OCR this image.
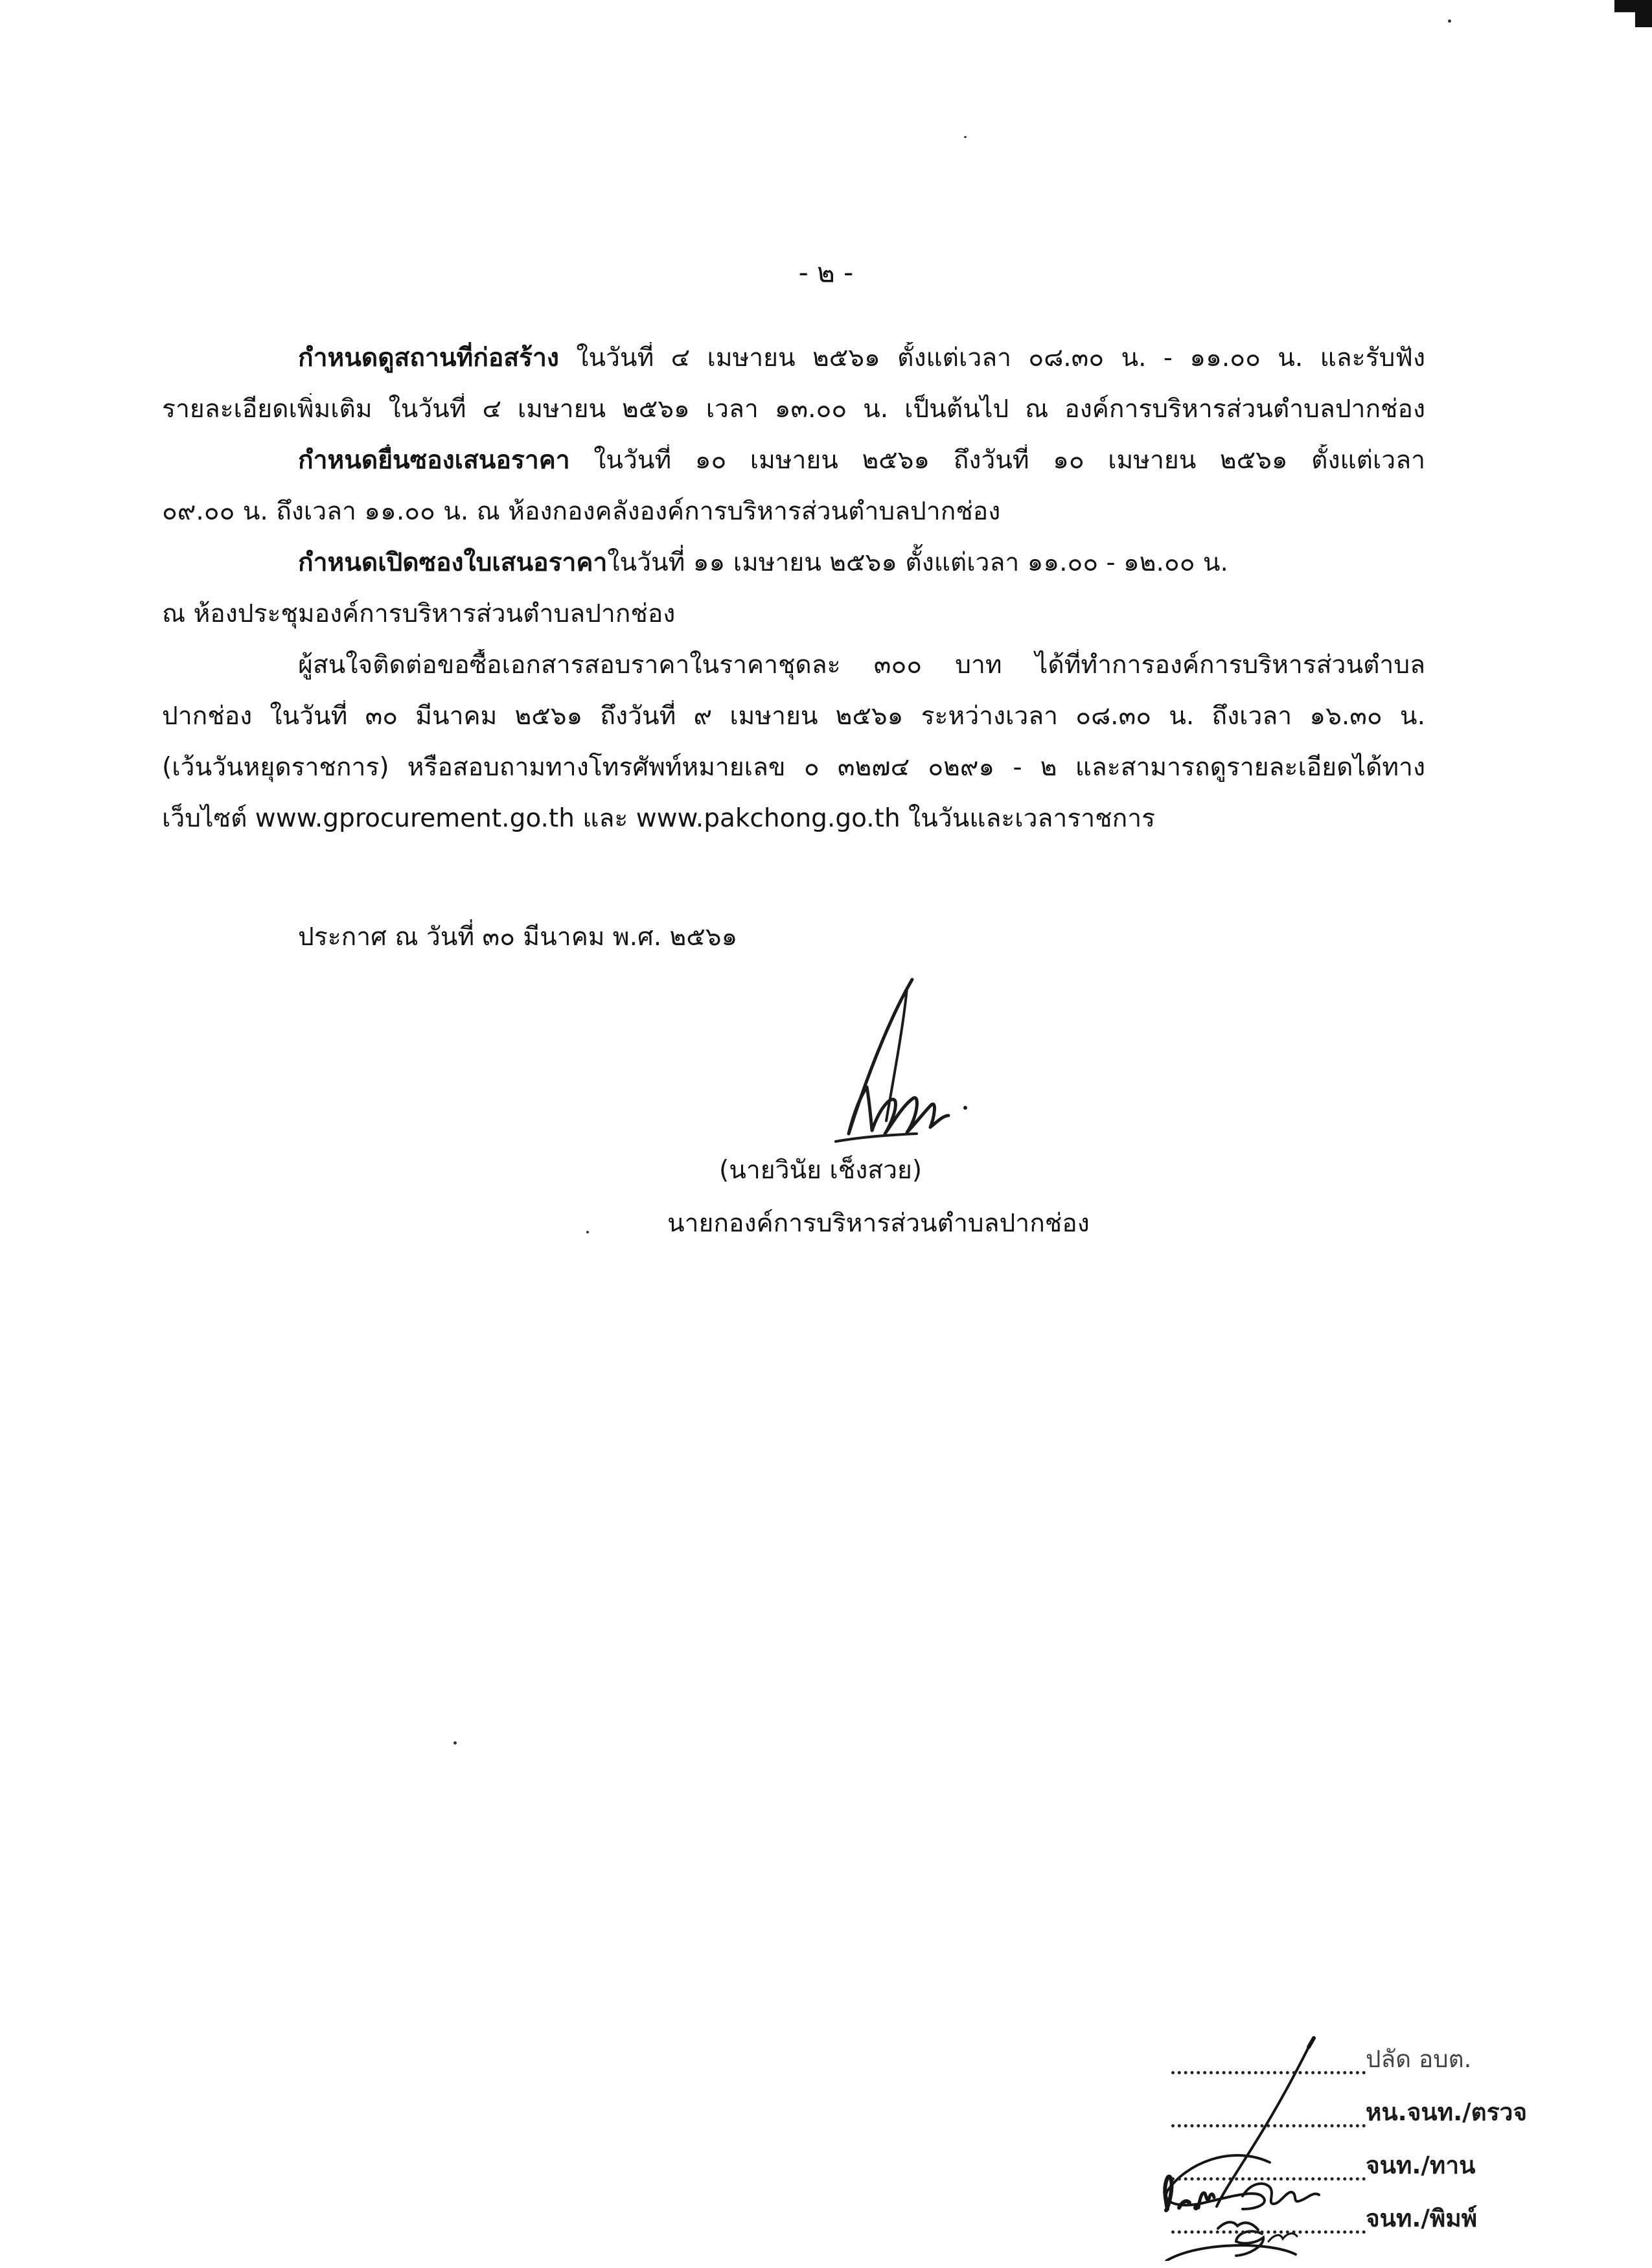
- ๒ -
กำหนดดูสถานที่ก่อสร้าง ในวันที่ ๔ เมษายน ๒๕๖๑ ตั้งแต่เวลา ๐๘.๓๐ น. - ๑๑.๐๐ น. และรับฟัง
รายละเอียดเพิ่มเติม ในวันที่ ๔ เมษายน ๒๕๖๑ เวลา ๑๓.๐๐ น. เป็นต้นไป ณ องค์การบริหารส่วนตำบลปากช่อง
กำหนดยื่นซองเสนอราคา ในวันที่ ๑๐ เมษายน ๒๕๖๑ ถึงวันที่ ๑๐ เมษายน ๒๕๖๑ ตั้งแต่เวลา
๐๙.๐๐ น. ถึงเวลา ๑๑.๐๐ น. ณ ห้องกองคลังองค์การบริหารส่วนตำบลปากช่อง
กำหนดเปิดซองใบเสนอราคาในวันที่ ๑๑ เมษายน ๒๕๖๑ ตั้งแต่เวลา ๑๑.๐๐ - ๑๒.๐๐ น.
ณ ห้องประชุมองค์การบริหารส่วนตำบลปากช่อง
ผู้สนใจติดต่อขอซื้อเอกสารสอบราคาในราคาชุดละ ๓๐๐ บาท ได้ที่ทำการองค์การบริหารส่วนตำบล
ปากช่อง ในวันที่ ๓๐ มีนาคม ๒๕๖๑ ถึงวันที่ ๙ เมษายน ๒๕๖๑ ระหว่างเวลา ๐๘.๓๐ น. ถึงเวลา ๑๖.๓๐ น.
(เว้นวันหยุดราชการ) หรือสอบถามทางโทรศัพท์หมายเลข ๐ ๓๒๗๔ ๐๒๙๑ - ๒ และสามารถดูรายละเอียดได้ทาง
เว็บไซต์ www.gprocurement.go.th และ www.pakchong.go.th ในวันและเวลาราชการ
ประกาศ ณ วันที่ ๓๐ มีนาคม พ.ศ. ๒๕๖๑
(นายวินัย เช็งสวย)
นายกองค์การบริหารส่วนตำบลปากช่อง
ปลัด อบต.
หน.จนท./ตรวจ
จนท./ทาน
จนท./พิมพ์
